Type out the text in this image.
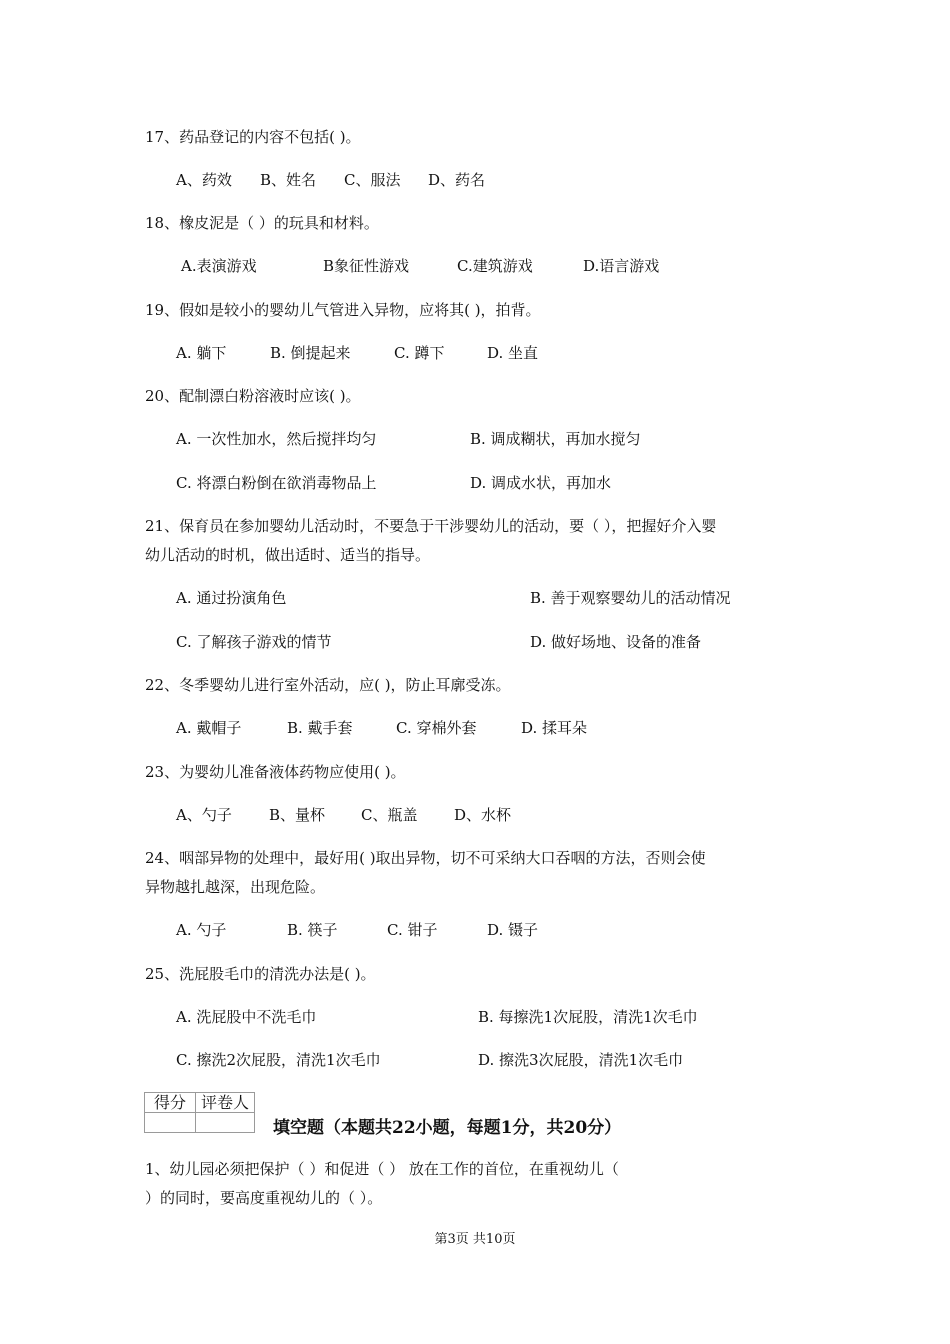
17、药品登记的内容不包括( )。
A、药效 B、姓名 C、服法 D、药名
18、橡皮泥是（ ）的玩具和材料。
A.表演游戏	B象征性游戏	C.建筑游戏	D.语言游戏
19、假如是较小的婴幼儿气管进入异物，应将其( )，拍背。
A. 躺下	B. 倒提起来	C. 蹲下	D. 坐直
20、配制漂白粉溶液时应该( )。
A. 一次性加水，然后搅拌均匀	B. 调成糊状，再加水搅匀
C. 将漂白粉倒在欲消毒物品上	D. 调成水状，再加水
21、保育员在参加婴幼儿活动时，不要急于干涉婴幼儿的活动，要（ ），把握好介入婴
幼儿活动的时机，做出适时、适当的指导。
A. 通过扮演角色	B. 善于观察婴幼儿的活动情况
C. 了解孩子游戏的情节	D. 做好场地、设备的准备
22、冬季婴幼儿进行室外活动，应( )，防止耳廓受冻。
A. 戴帽子	B. 戴手套	C. 穿棉外套	D. 揉耳朵
23、为婴幼儿准备液体药物应使用( )。
A、勺子 B、量杯 C、瓶盖 D、水杯
24、咽部异物的处理中，最好用( )取出异物，切不可采纳大口吞咽的方法，否则会使
异物越扎越深，出现危险。
A. 勺子	B. 筷子	C. 钳子	D. 镊子
25、洗屁股毛巾的清洗办法是( )。
A. 洗屁股中不洗毛巾	B. 每擦洗1次屁股，清洗1次毛巾
C. 擦洗2次屁股，清洗1次毛巾	D. 擦洗3次屁股，清洗1次毛巾
得分	评卷人

填空题（本题共22小题，每题1分，共20分）
1、幼儿园必须把保护（ ）和促进（ ） 放在工作的首位，在重视幼儿（
）的同时，要高度重视幼儿的（ ）。
第3页 共10页
